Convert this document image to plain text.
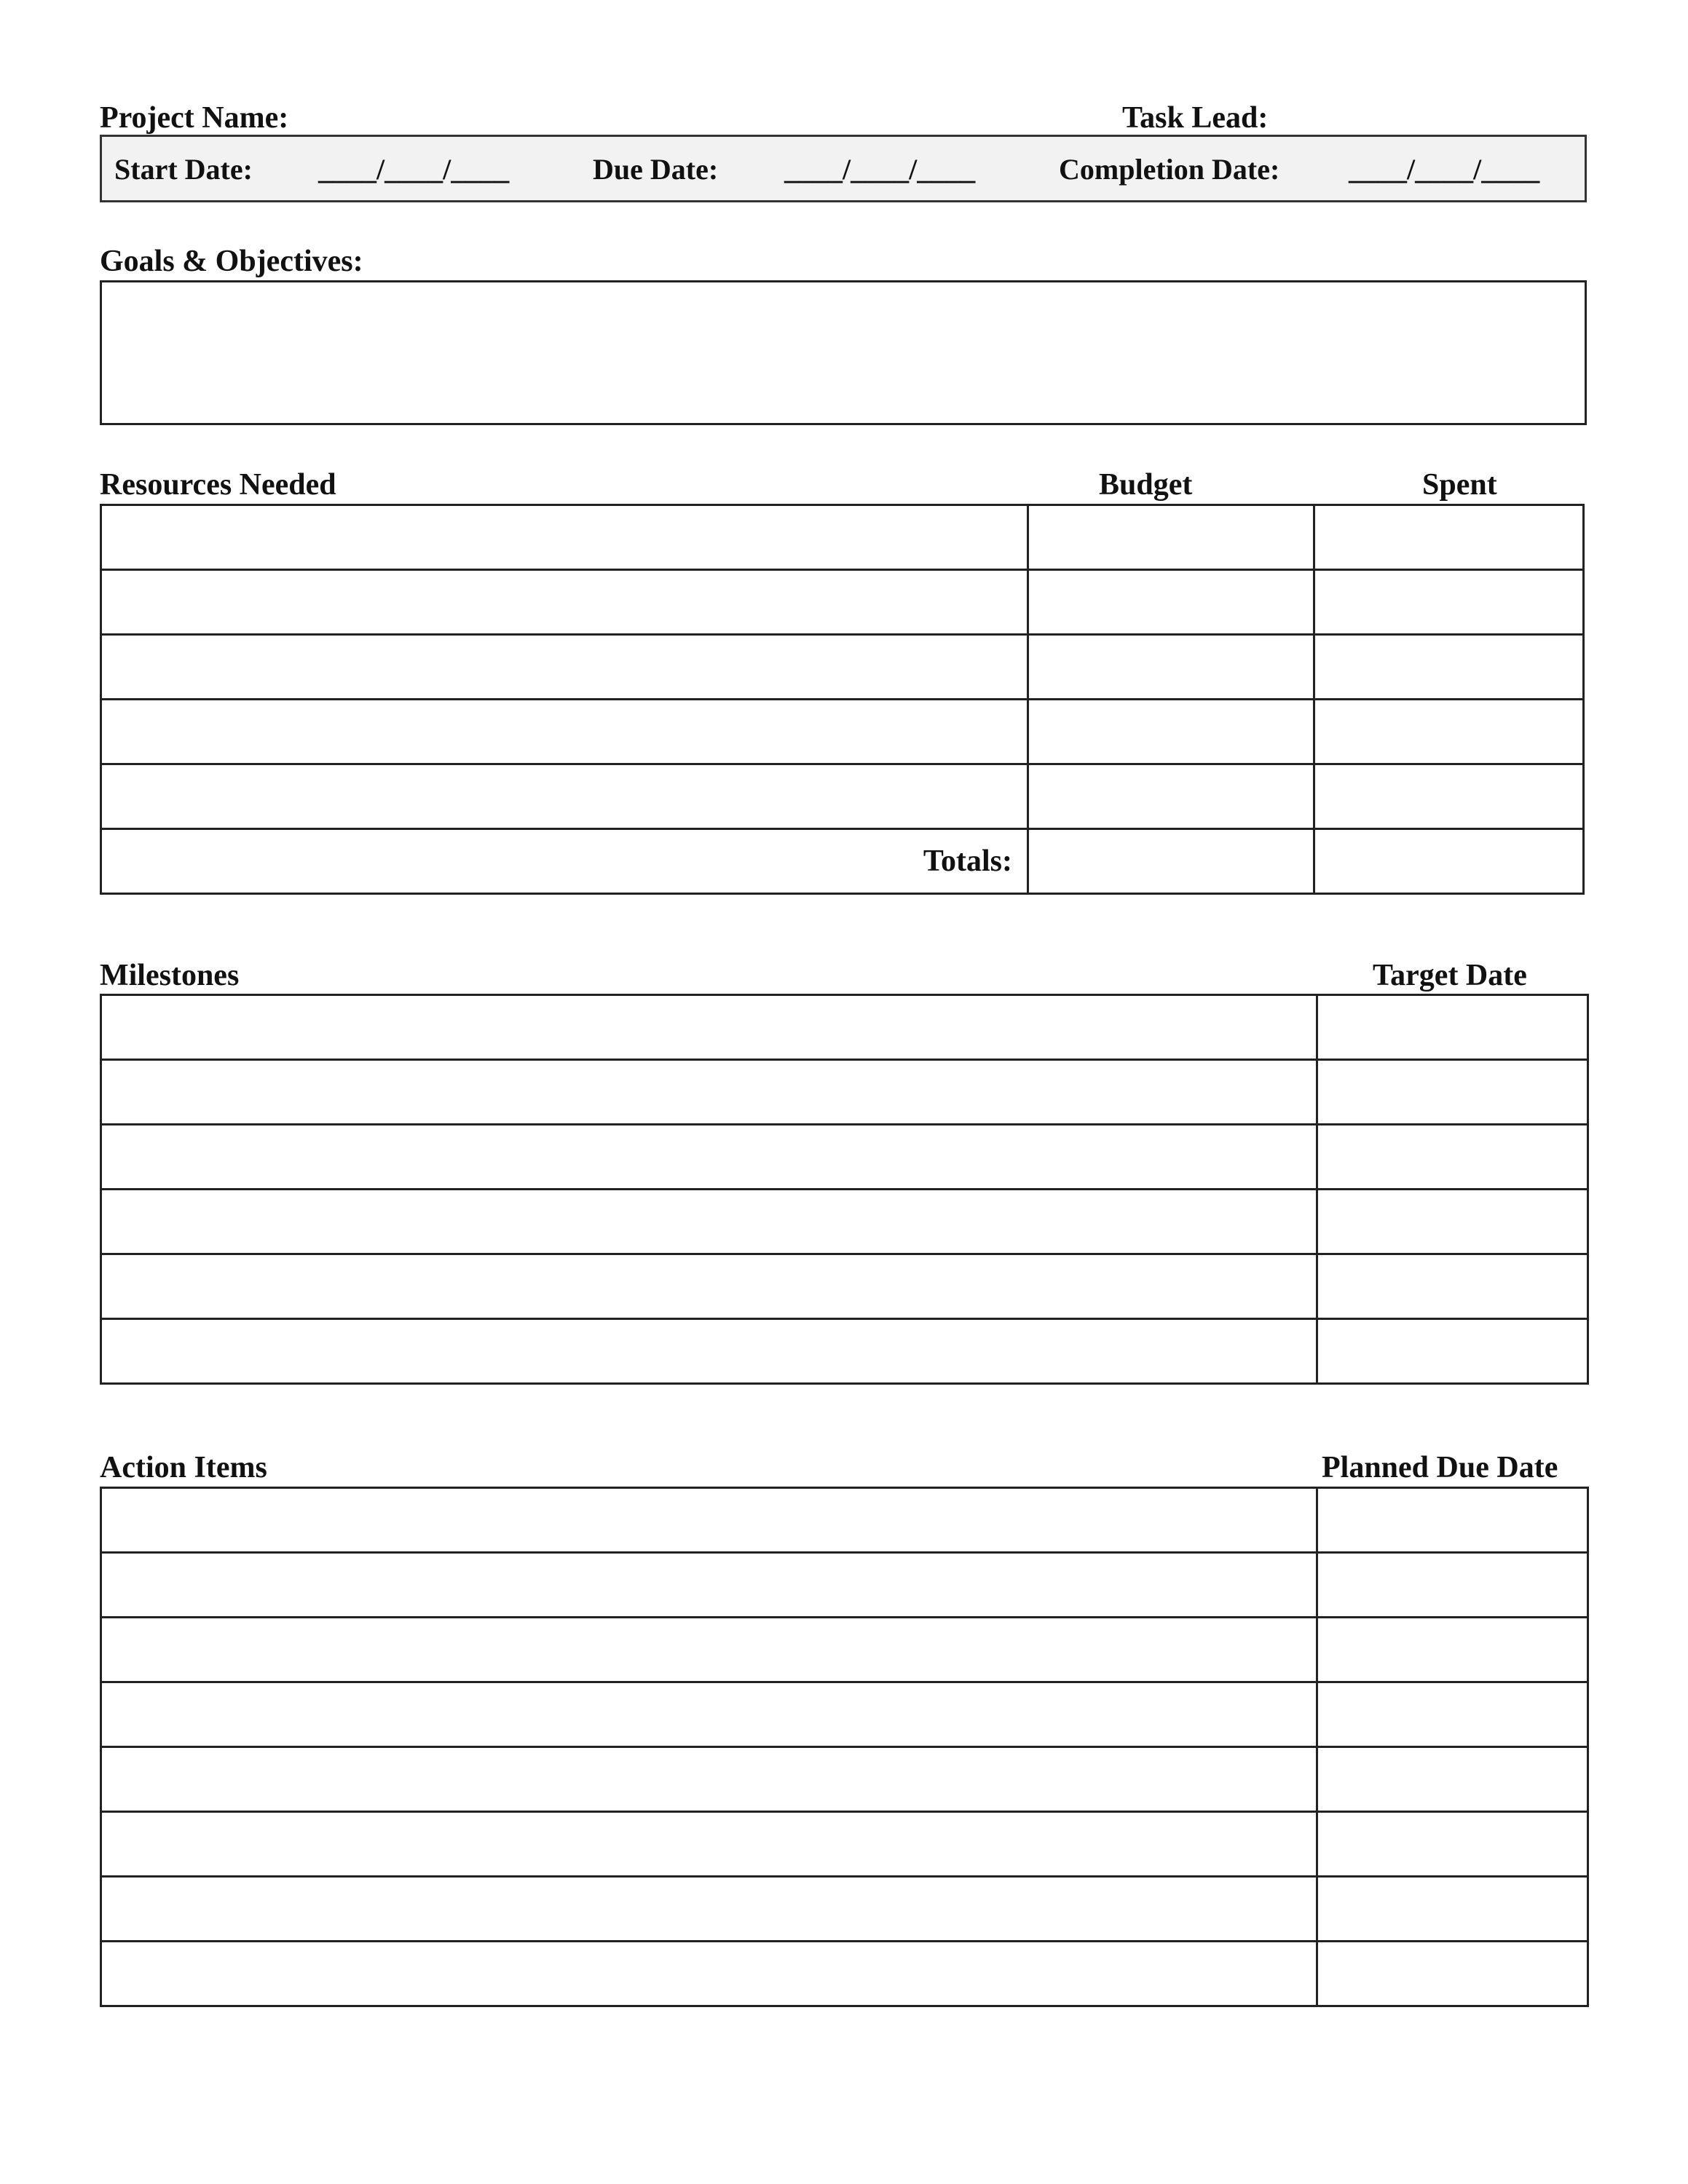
Project Name:	Task Lead:
Start Date: ____/____/____	Due Date: ____/____/____	Completion Date: ____/____/____
Goals & Objectives:
Resources Needed	Budget	Spent

Totals:		
Milestones	Target Date

Action Items	Planned Due Date
